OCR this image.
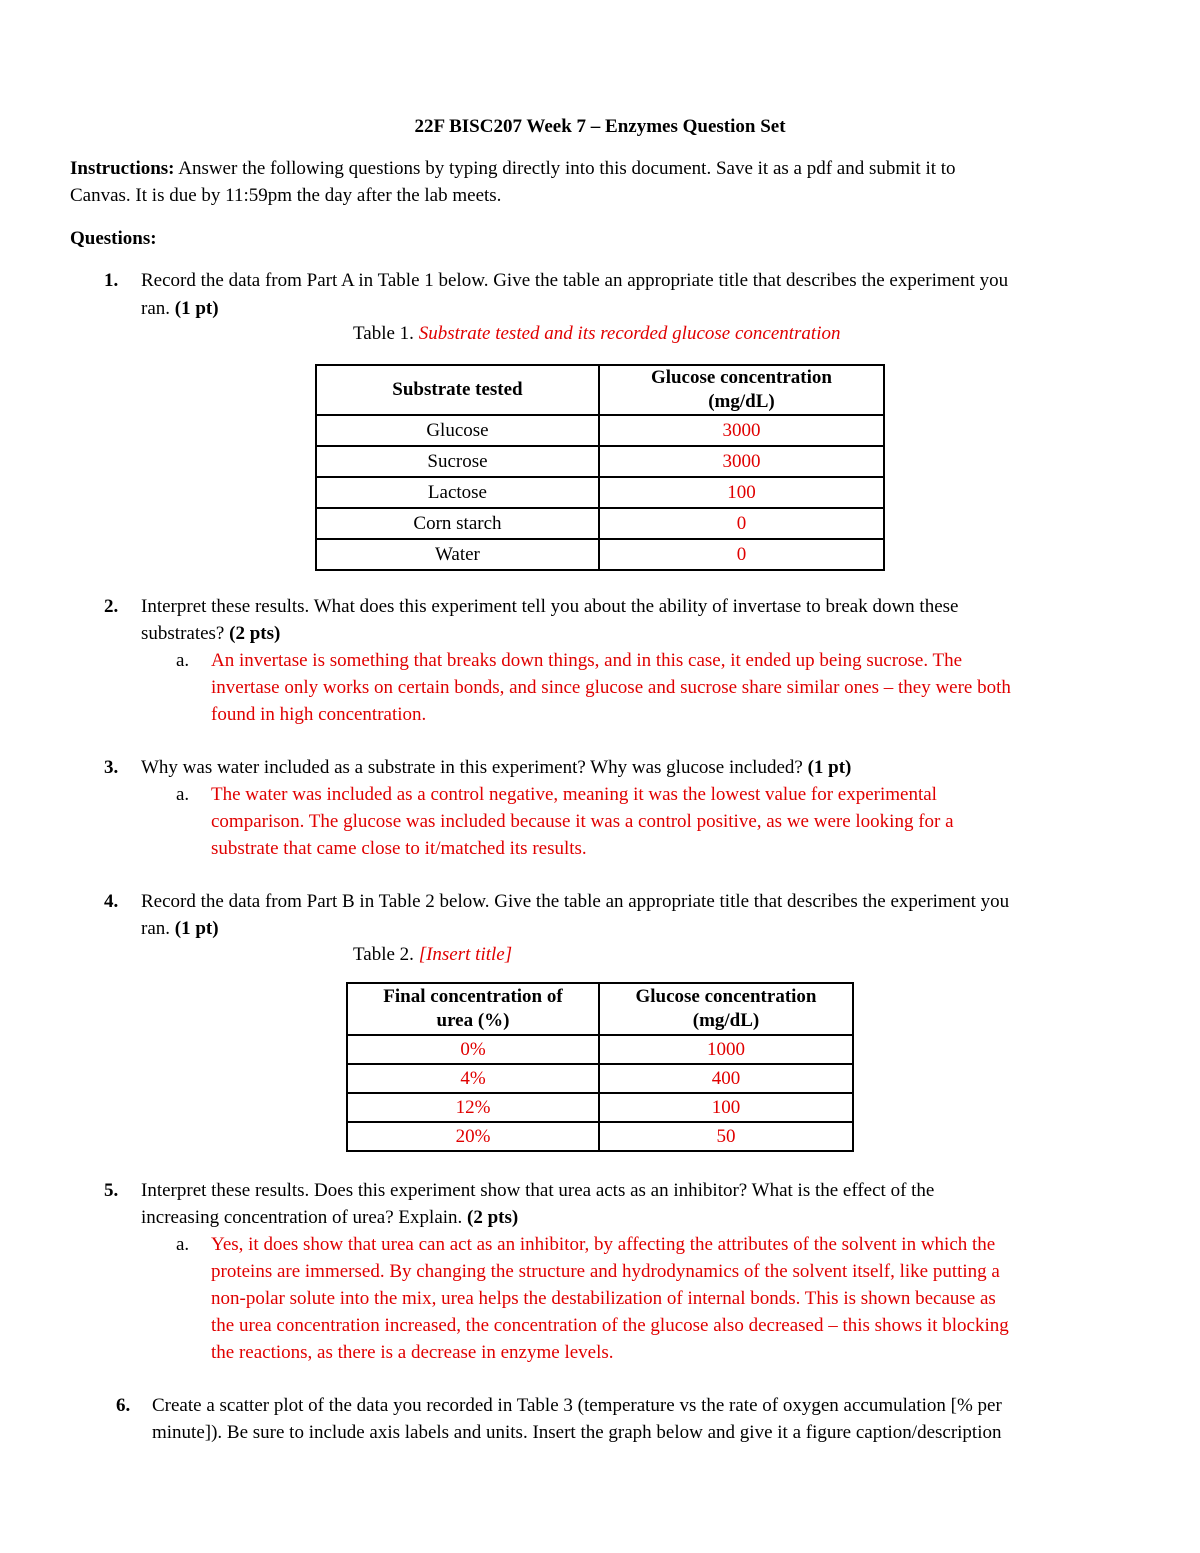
22F BISC207 Week 7 – Enzymes Question Set
Instructions: Answer the following questions by typing directly into this document. Save it as a pdf and submit it to
Canvas. It is due by 11:59pm the day after the lab meets.
Questions:
1. Record the data from Part A in Table 1 below. Give the table an appropriate title that describes the experiment you
ran. (1 pt)
Table 1. Substrate tested and its recorded glucose concentration
Substrate tested	Glucose concentration
(mg/dL)
Glucose	3000
Sucrose	3000
Lactose	100
Corn starch	0
Water	0
2. Interpret these results. What does this experiment tell you about the ability of invertase to break down these
substrates? (2 pts)
a. An invertase is something that breaks down things, and in this case, it ended up being sucrose. The
invertase only works on certain bonds, and since glucose and sucrose share similar ones – they were both
found in high concentration.
3. Why was water included as a substrate in this experiment? Why was glucose included? (1 pt)
a. The water was included as a control negative, meaning it was the lowest value for experimental
comparison. The glucose was included because it was a control positive, as we were looking for a
substrate that came close to it/matched its results.
4. Record the data from Part B in Table 2 below. Give the table an appropriate title that describes the experiment you
ran. (1 pt)
Table 2. [Insert title]
Final concentration of
urea (%)	Glucose concentration
(mg/dL)
0%	1000
4%	400
12%	100
20%	50
5. Interpret these results. Does this experiment show that urea acts as an inhibitor? What is the effect of the
increasing concentration of urea? Explain. (2 pts)
a. Yes, it does show that urea can act as an inhibitor, by affecting the attributes of the solvent in which the
proteins are immersed. By changing the structure and hydrodynamics of the solvent itself, like putting a
non-polar solute into the mix, urea helps the destabilization of internal bonds. This is shown because as
the urea concentration increased, the concentration of the glucose also decreased – this shows it blocking
the reactions, as there is a decrease in enzyme levels.
6. Create a scatter plot of the data you recorded in Table 3 (temperature vs the rate of oxygen accumulation [% per
minute]). Be sure to include axis labels and units. Insert the graph below and give it a figure caption/description
